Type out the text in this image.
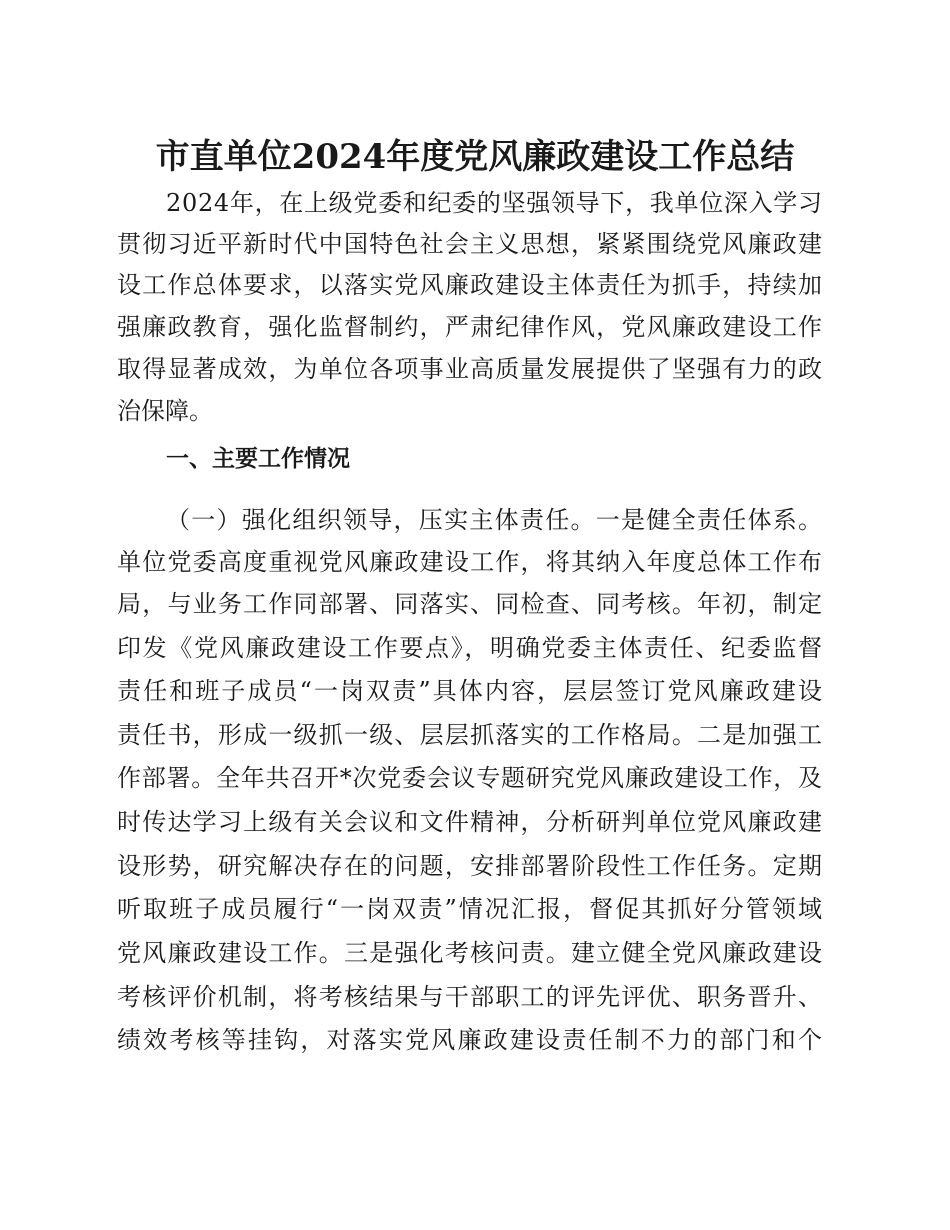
市直单位2024年度党风廉政建设工作总结
2024年，在上级党委和纪委的坚强领导下，我单位深入学习
贯彻习近平新时代中国特色社会主义思想，紧紧围绕党风廉政建
设工作总体要求，以落实党风廉政建设主体责任为抓手，持续加
强廉政教育，强化监督制约，严肃纪律作风，党风廉政建设工作
取得显著成效，为单位各项事业高质量发展提供了坚强有力的政
治保障。
一、主要工作情况
（一）强化组织领导，压实主体责任。一是健全责任体系。
单位党委高度重视党风廉政建设工作，将其纳入年度总体工作布
局，与业务工作同部署、同落实、同检查、同考核。年初，制定
印发《党风廉政建设工作要点》，明确党委主体责任、纪委监督
责任和班子成员“一岗双责”具体内容，层层签订党风廉政建设
责任书，形成一级抓一级、层层抓落实的工作格局。二是加强工
作部署。全年共召开*次党委会议专题研究党风廉政建设工作，及
时传达学习上级有关会议和文件精神，分析研判单位党风廉政建
设形势，研究解决存在的问题，安排部署阶段性工作任务。定期
听取班子成员履行“一岗双责”情况汇报，督促其抓好分管领域
党风廉政建设工作。三是强化考核问责。建立健全党风廉政建设
考核评价机制，将考核结果与干部职工的评先评优、职务晋升、
绩效考核等挂钩，对落实党风廉政建设责任制不力的部门和个
